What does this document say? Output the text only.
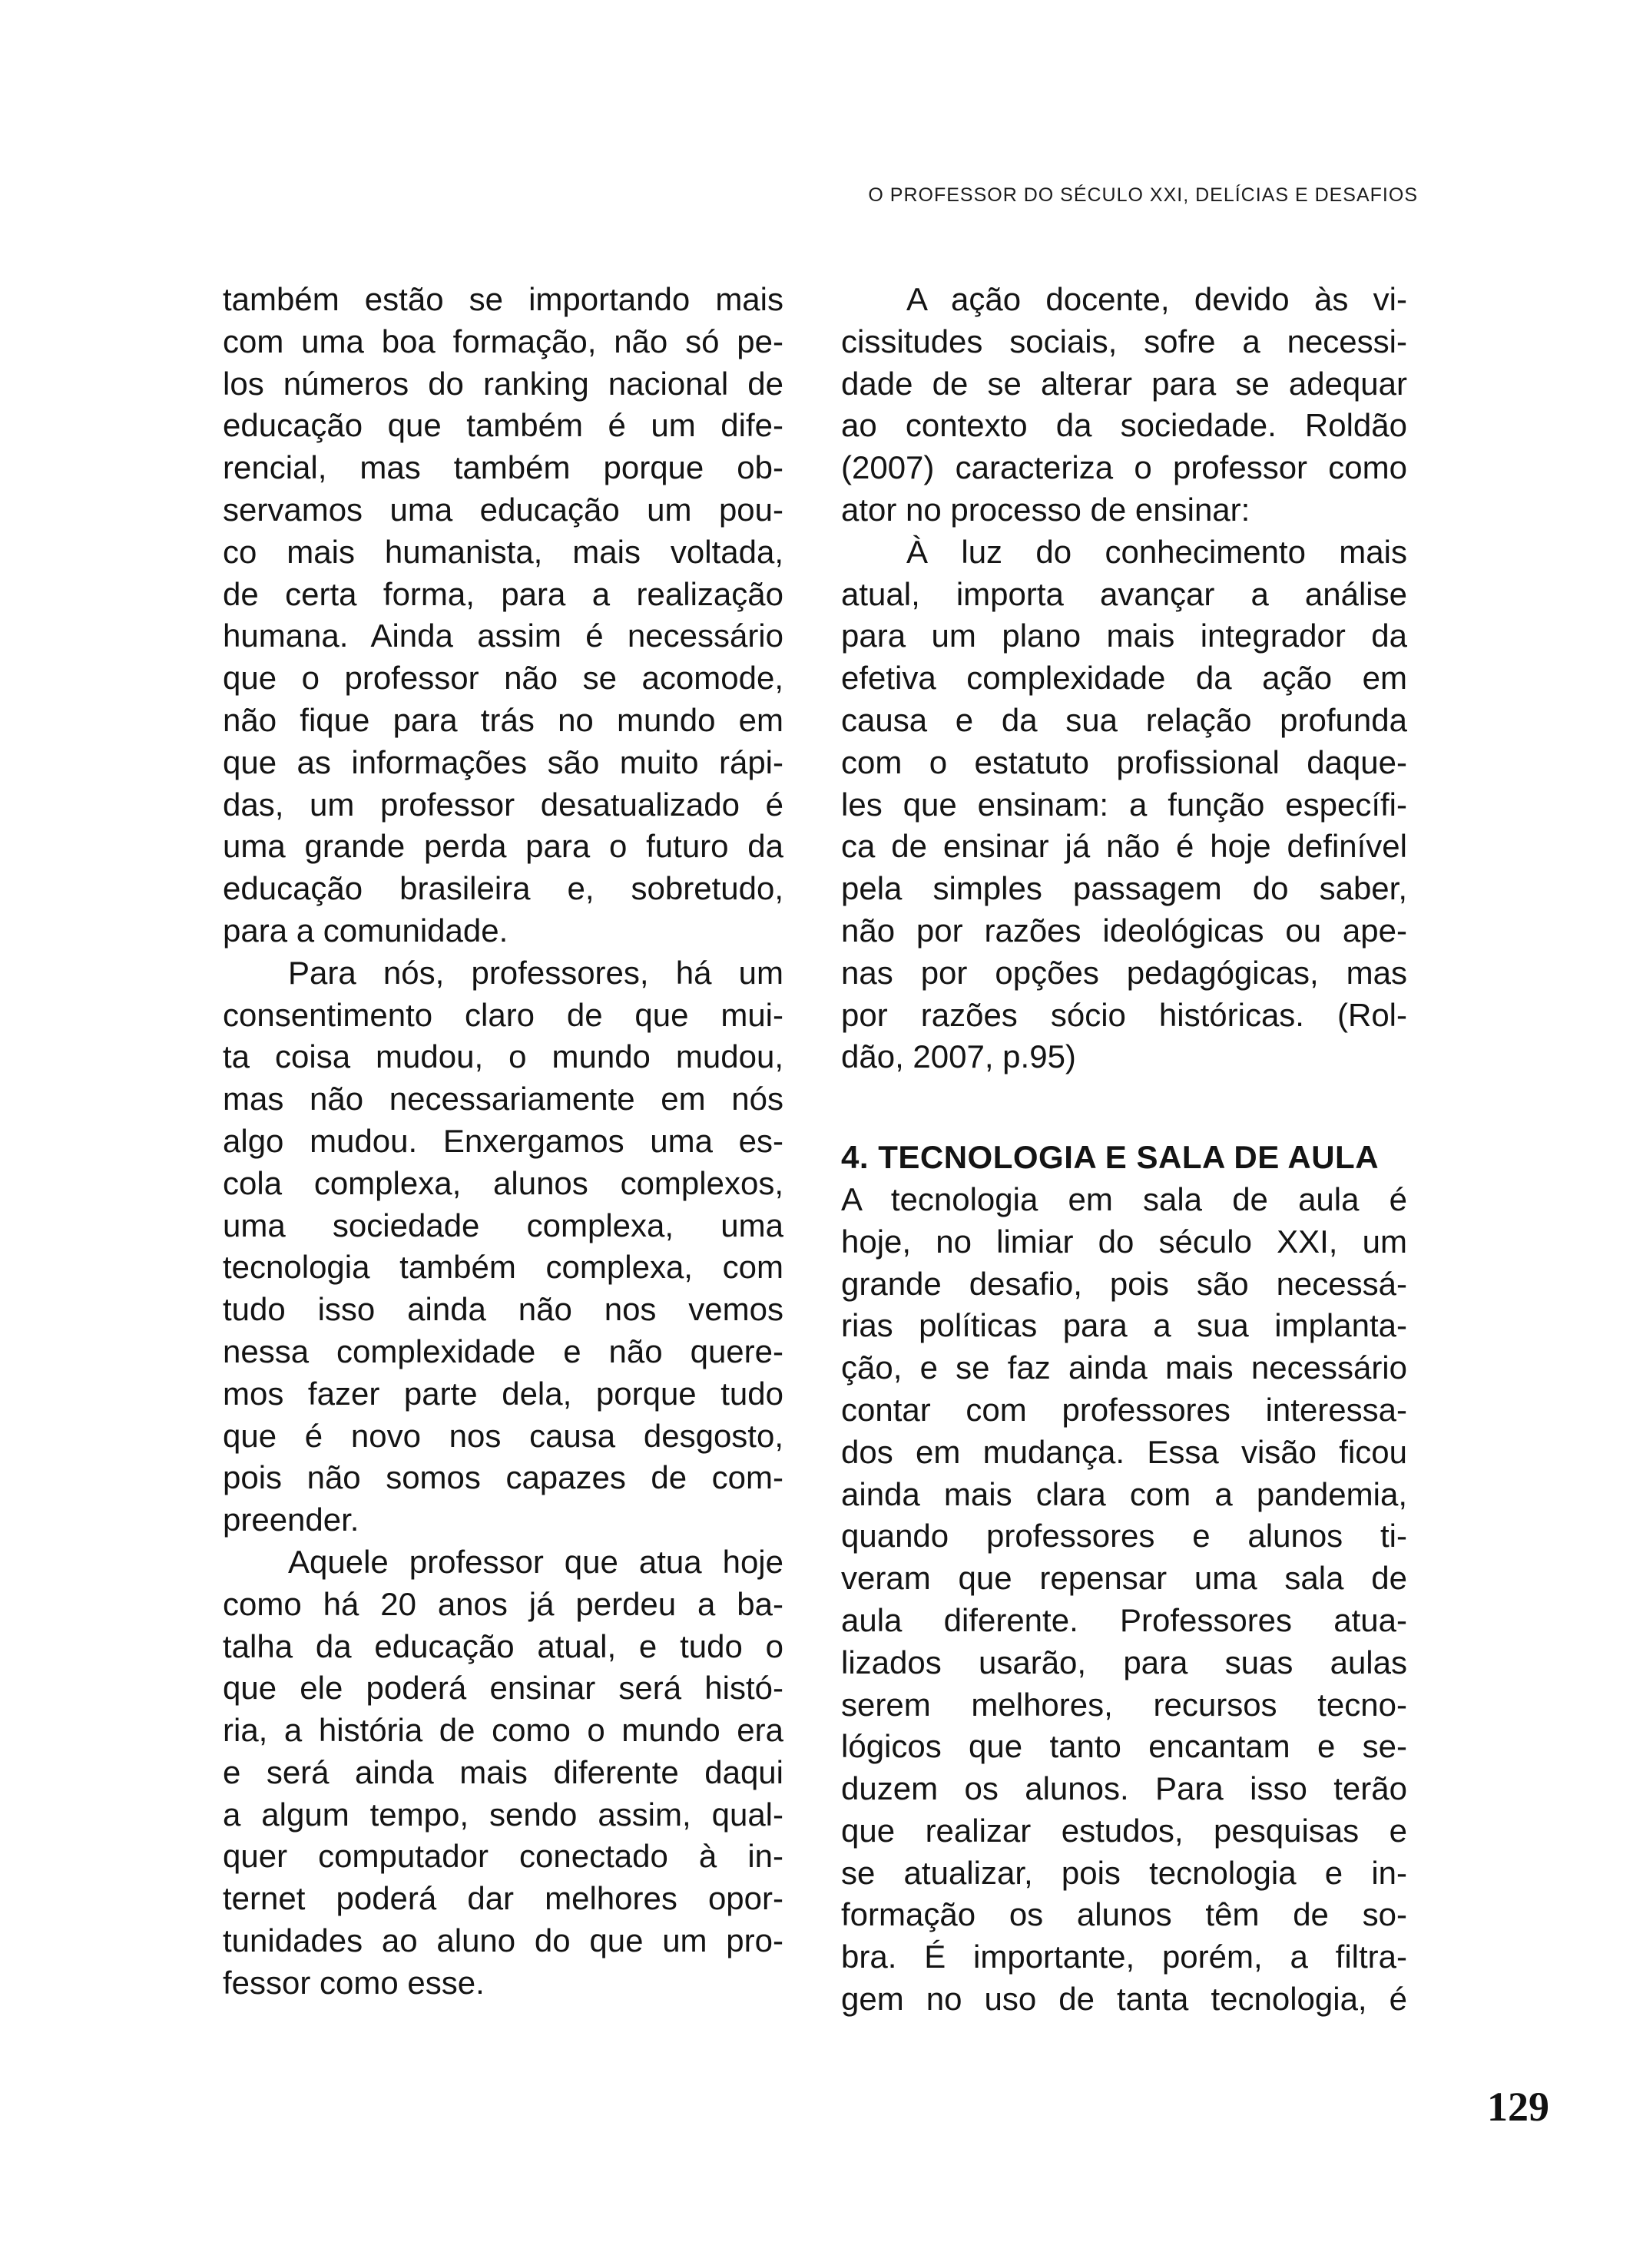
O PROFESSOR DO SÉCULO XXI, DELÍCIAS E DESAFIOS
também estão se importando mais
com uma boa formação, não só pe-
los números do ranking nacional de
educação que também é um dife-
rencial, mas também porque ob-
servamos uma educação um pou-
co mais humanista, mais voltada,
de certa forma, para a realização
humana. Ainda assim é necessário
que o professor não se acomode,
não fique para trás no mundo em
que as informações são muito rápi-
das, um professor desatualizado é
uma grande perda para o futuro da
educação brasileira e, sobretudo,
para a comunidade.
Para nós, professores, há um
consentimento claro de que mui-
ta coisa mudou, o mundo mudou,
mas não necessariamente em nós
algo mudou. Enxergamos uma es-
cola complexa, alunos complexos,
uma sociedade complexa, uma
tecnologia também complexa, com
tudo isso ainda não nos vemos
nessa complexidade e não quere-
mos fazer parte dela, porque tudo
que é novo nos causa desgosto,
pois não somos capazes de com-
preender.
Aquele professor que atua hoje
como há 20 anos já perdeu a ba-
talha da educação atual, e tudo o
que ele poderá ensinar será histó-
ria, a história de como o mundo era
e será ainda mais diferente daqui
a algum tempo, sendo assim, qual-
quer computador conectado à in-
ternet poderá dar melhores opor-
tunidades ao aluno do que um pro-
fessor como esse.
A ação docente, devido às vi-
cissitudes sociais, sofre a necessi-
dade de se alterar para se adequar
ao contexto da sociedade. Roldão
(2007) caracteriza o professor como
ator no processo de ensinar:
À luz do conhecimento mais
atual, importa avançar a análise
para um plano mais integrador da
efetiva complexidade da ação em
causa e da sua relação profunda
com o estatuto profissional daque-
les que ensinam: a função específi-
ca de ensinar já não é hoje definível
pela simples passagem do saber,
não por razões ideológicas ou ape-
nas por opções pedagógicas, mas
por razões sócio históricas. (Rol-
dão, 2007, p.95)
4. TECNOLOGIA E SALA DE AULA
A tecnologia em sala de aula é
hoje, no limiar do século XXI, um
grande desafio, pois são necessá-
rias políticas para a sua implanta-
ção, e se faz ainda mais necessário
contar com professores interessa-
dos em mudança. Essa visão ficou
ainda mais clara com a pandemia,
quando professores e alunos ti-
veram que repensar uma sala de
aula diferente. Professores atua-
lizados usarão, para suas aulas
serem melhores, recursos tecno-
lógicos que tanto encantam e se-
duzem os alunos. Para isso terão
que realizar estudos, pesquisas e
se atualizar, pois tecnologia e in-
formação os alunos têm de so-
bra. É importante, porém, a filtra-
gem no uso de tanta tecnologia, é
129
